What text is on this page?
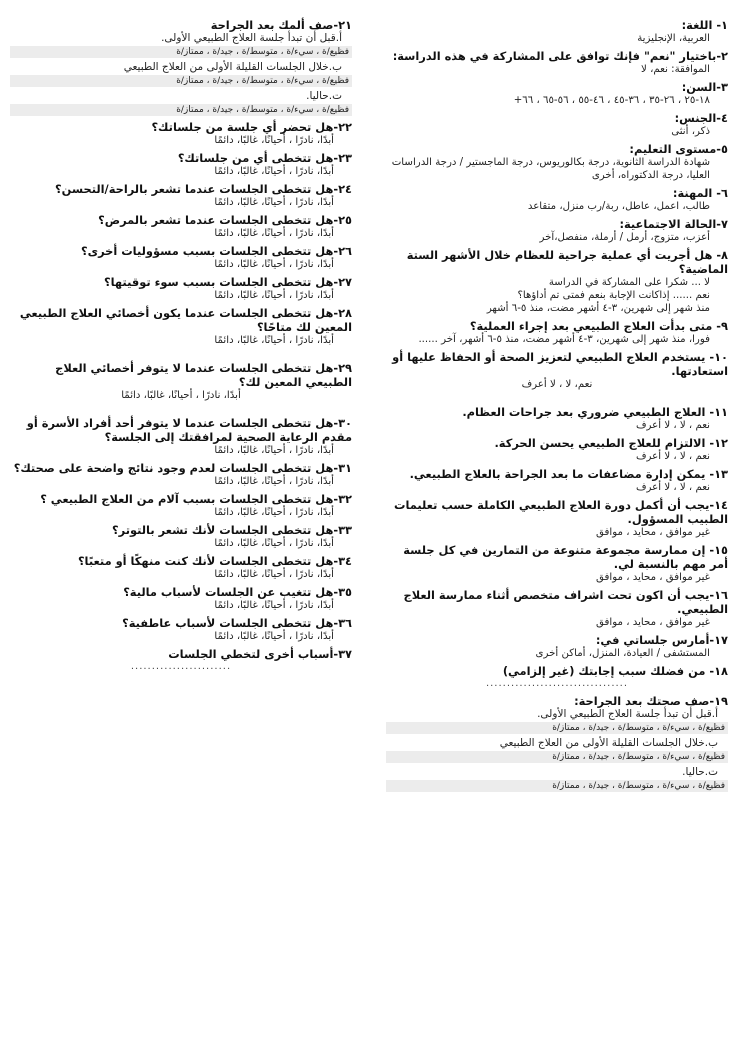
١- اللغة:
العربية، الإنجليزية
٢-باختيار "نعم" فإنك توافق على المشاركة في هذه الدراسة:
الموافقة: نعم، لا
٣-السن:
١٨-٢٥ ، ٢٦-٣٥ ، ٣٦-٤٥ ، ٤٦-٥٥ ، ٥٦-٦٥ ، ٦٦+
٤-الجنس:
ذكر، أنثى
٥-مستوى التعليم:
شهادة الدراسة الثانوية، درجة بكالوريوس، درجة الماجستير / درجة الدراسات العليا، درجة الدكتوراه، أخرى
٦- المهنة:
طالب، اعمل، عاطل، ربة/رب منزل، متقاعد
٧-الحالة الاجتماعية:
أعزب، متزوج، أرمل / أرملة، منفصل،آخر
٨- هل أجريت أي عملية جراحية للعظام خلال الأشهر الستة الماضية؟
لا ... شكرا على المشاركة في الدراسة
نعم ...... إذاكانت الإجابة بنعم فمتى تم أداؤها؟
منذ شهر إلى شهرين، ٣-٤ أشهر مضت، منذ ٥-٦ أشهر
٩- متى بدأت العلاج الطبيعي بعد إجراء العملية؟
فورا، منذ شهر إلى شهرين، ٣-٤ أشهر مضت، منذ ٥-٦ أشهر، آخر ......
١٠- يستخدم العلاج الطبيعي لتعزيز الصحة أو الحفاظ عليها أو استعادتها.
نعم، لا ، لا أعرف
١١- العلاج الطبيعي ضروري بعد جراحات العظام.
نعم ، لا ، لا أعرف
١٢- الالتزام للعلاج الطبيعي يحسن الحركة.
نعم ، لا ، لا أعرف
١٣- يمكن إدارة مضاعفات ما بعد الجراحة بالعلاج الطبيعي.
نعم ، لا ، لا أعرف
١٤-يجب أن أكمل دورة العلاج الطبيعي الكاملة حسب تعليمات الطبيب المسؤول.
غير موافق ، محايد ، موافق
١٥- إن ممارسة مجموعة متنوعة من التمارين في كل جلسة أمر مهم بالنسبة لي.
غير موافق ، محايد ، موافق
١٦-يجب أن اكون تحت اشراف متخصص أثناء ممارسة العلاج الطبيعي.
غير موافق ، محايد ، موافق
١٧-أمارس جلساتي في:
المستشفى / العيادة، المنزل، أماكن أخرى
١٨- من فضلك سبب إجابتك (غير إلزامي)
..................................
١٩-صف صحتك بعد الجراحة:
أ.قبل أن تبدأ جلسة العلاج الطبيعي الأولى.
فظيع/ة ، سيء/ة ، متوسط/ة ، جيد/ة ، ممتاز/ة
ب.خلال الجلسات القليلة الأولى من العلاج الطبيعي
فظيع/ة ، سيء/ة ، متوسط/ة ، جيد/ة ، ممتاز/ة
ت.حاليا.
فظيع/ة ، سيء/ة ، متوسط/ة ، جيد/ة ، ممتاز/ة
٢١-صف ألمك بعد الجراحة
أ.قبل أن تبدأ جلسة العلاج الطبيعي الأولى.
فظيع/ة ، سيء/ة ، متوسط/ة ، جيد/ة ، ممتاز/ة
ب.خلال الجلسات القليلة الأولى من العلاج الطبيعي
فظيع/ة ، سيء/ة ، متوسط/ة ، جيد/ة ، ممتاز/ة
ت.حاليا.
فظيع/ة ، سيء/ة ، متوسط/ة ، جيد/ة ، ممتاز/ة
٢٢-هل تحضر أي جلسة من جلساتك؟
أبدًا، نادرًا ، أحيانًا، غالبًا، دائمًا
٢٣-هل تتخطى أي من جلساتك؟
أبدًا، نادرًا ، أحيانًا، غالبًا، دائمًا
٢٤-هل تتخطى الجلسات عندما تشعر بالراحة/التحسن؟
أبدًا، نادرًا ، أحيانًا، غالبًا، دائمًا
٢٥-هل تتخطى الجلسات عندما تشعر بالمرض؟
أبدًا، نادرًا ، أحيانًا، غالبًا، دائمًا
٢٦-هل تتخطى الجلسات بسبب مسؤوليات أخرى؟
أبدًا، نادرًا ، أحيانًا، غالبًا، دائمًا
٢٧-هل تتخطى الجلسات بسبب سوء توقيتها؟
أبدًا، نادرًا ، أحيانًا، غالبًا، دائمًا
٢٨-هل تتخطى الجلسات عندما يكون أخصائي العلاج الطبيعي المعين لك متاحًا؟
أبدًا، نادرًا ، أحيانًا، غالبًا، دائمًا
٢٩-هل تتخطى الجلسات عندما لا يتوفر أخصائي العلاج الطبيعي المعين لك؟
أبدًا، نادرًا ، أحيانًا، غالبًا، دائمًا
٣٠-هل تتخطى الجلسات عندما لا يتوفر أحد أفراد الأسرة أو مقدم الرعاية الصحية لمرافقتك إلى الجلسة؟
أبدًا، نادرًا ، أحيانًا، غالبًا، دائمًا
٣١-هل تتخطى الجلسات لعدم وجود نتائج واضحة على صحتك؟
أبدًا، نادرًا ، أحيانًا، غالبًا، دائمًا
٣٢-هل تتخطى الجلسات بسبب آلام من العلاج الطبيعي ؟
أبدًا، نادرًا ، أحيانًا، غالبًا، دائمًا
٣٣-هل تتخطى الجلسات لأنك تشعر بالتوتر؟
أبدًا، نادرًا ، أحيانًا، غالبًا، دائمًا
٣٤-هل تتخطى الجلسات لأنك كنت منهكًا أو متعبًا؟
أبدًا، نادرًا ، أحيانًا، غالبًا، دائمًا
٣٥-هل تتغيب عن الجلسات لأسباب مالية؟
أبدًا، نادرًا ، أحيانًا، غالبًا، دائمًا
٣٦-هل تتخطى الجلسات لأسباب عاطفية؟
أبدًا، نادرًا ، أحيانًا، غالبًا، دائمًا
٣٧-أسباب أخرى لتخطي الجلسات
........................
